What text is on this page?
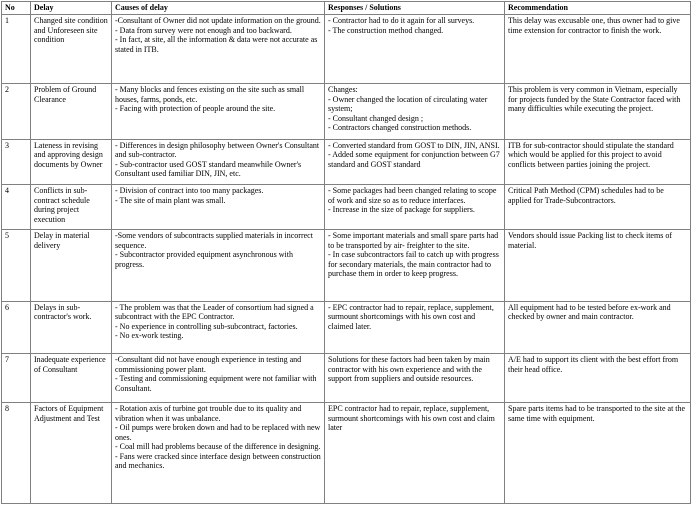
No	Delay	Causes of delay	Responses / Solutions	Recommendation
1	Changed site condition and Unforeseen site condition	-Consultant of Owner did not update information on the ground.
- Data from survey were not enough and too backward.
- In fact, at site, all the information & data were not accurate as stated in ITB.	- Contractor had to do it again for all surveys.
- The construction method changed.	This delay was excusable one, thus owner had to give time extension for contractor to finish the work.
2	Problem of Ground Clearance	- Many blocks and fences existing on the site such as small houses, farms, ponds, etc.
- Facing with protection of people around the site.	Changes:
- Owner changed the location of circulating water system;
- Consultant changed design ;
- Contractors changed construction methods.	This problem is very common in Vietnam, especially for projects funded by the State Contractor faced with many difficulties while executing the project.
3	Lateness in revising and approving design documents by Owner	- Differences in design philosophy between Owner's Consultant and sub-contractor.
- Sub-contractor used GOST standard meanwhile Owner's Consultant used familiar DIN, JIN, etc.	- Converted standard from GOST to DIN, JIN, ANSI.
- Added some equipment for conjunction between G7 standard and GOST standard	ITB for sub-contractor should stipulate the standard which would be applied for this project to avoid conflicts between parties joining the project.
4	Conflicts in sub-contract schedule during project execution	- Division of contract into too many packages.
- The site of main plant was small.	- Some packages had been changed relating to scope of work and size so as to reduce interfaces.
- Increase in the size of package for suppliers.	Critical Path Method (CPM) schedules had to be applied for Trade-Subcontractors.
5	Delay in material delivery	-Some vendors of subcontracts supplied materials in incorrect sequence.
- Subcontractor provided equipment asynchronous with progress.	- Some important materials and small spare parts had to be transported by air- freighter to the site.
- In case subcontractors fail to catch up with progress for secondary materials, the main contractor had to purchase them in order to keep progress.	Vendors should issue Packing list to check items of material.
6	Delays in sub-contractor's work.	- The problem was that the Leader of consortium had signed a subcontract with the EPC Contractor.
- No experience in controlling sub-subcontract, factories.
- No ex-work testing.	- EPC contractor had to repair, replace, supplement, surmount shortcomings with his own cost and claimed later.	All equipment had to be tested before ex-work and checked by owner and main contractor.
7	Inadequate experience of Consultant	-Consultant did not have enough experience in testing and commissioning power plant.
- Testing and commissioning equipment were not familiar with Consultant.	Solutions for these factors had been taken by main contractor with his own experience and with the support from suppliers and outside resources.	A/E had to support its client with the best effort from their head office.
8	Factors of Equipment Adjustment and Test	- Rotation axis of turbine got trouble due to its quality and vibration when it was unbalance.
- Oil pumps were broken down and had to be replaced with new ones.
- Coal mill had problems because of the difference in designing.
- Fans were cracked since interface design between construction and mechanics.	EPC contractor had to repair, replace, supplement, surmount shortcomings with his own cost and claim later	Spare parts items had to be transported to the site at the same time with equipment.
